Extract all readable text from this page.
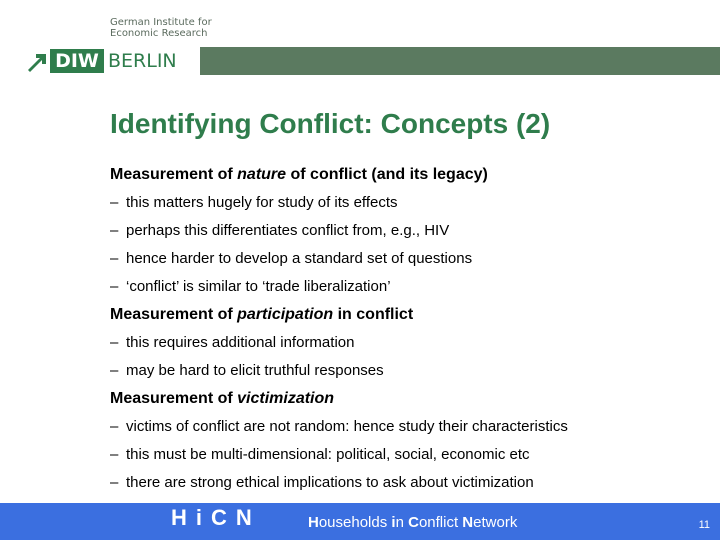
German Institute for
Economic Research
DIW BERLIN
Identifying Conflict: Concepts (2)
Measurement of nature of conflict (and its legacy)
– this matters hugely for study of its effects
– perhaps this differentiates conflict from, e.g., HIV
– hence harder to develop a standard set of questions
– ‘conflict’ is similar to ‘trade liberalization’
Measurement of participation in conflict
– this requires additional information
– may be hard to elicit truthful responses
Measurement of victimization
– victims of conflict are not random: hence study their characteristics
– this must be multi-dimensional: political, social, economic etc
– there are strong ethical implications to ask about victimization
H i C N	Households in Conflict Network	11
